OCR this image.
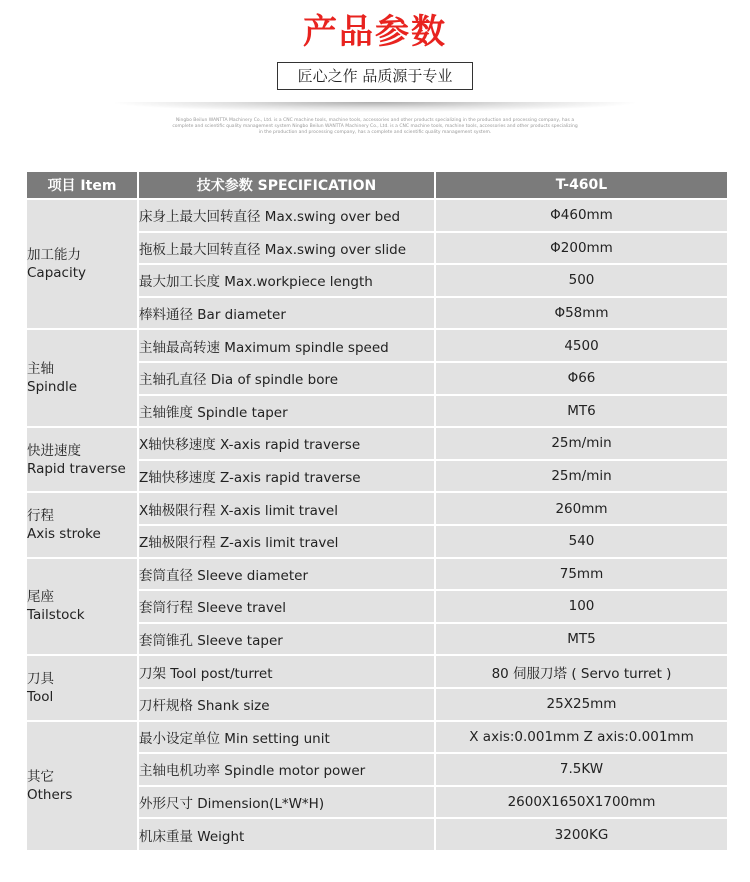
产品参数
匠心之作 品质源于专业
Ningbo Beilun WANTTA Machinery Co., Ltd. is a CNC machine tools, machine tools, accessories and other products specializing in the production and processing company, has a complete and scientific quality management system Ningbo Beilun WANTTA Machinery Co., Ltd. is a CNC machine tools, machine tools, accessories and other products specializing in the production and processing company, has a complete and scientific quality management system.
项目 Item	技术参数 SPECIFICATION	T-460L

加工能力
Capacity	床身上最大回转直径 Max.swing over bed	Φ460mm
	拖板上最大回转直径 Max.swing over slide	Φ200mm
	最大加工长度 Max.workpiece length	500
	棒料通径 Bar diameter	Φ58mm

主轴
Spindle	主轴最高转速 Maximum spindle speed	4500
	主轴孔直径 Dia of spindle bore	Φ66
	主轴锥度 Spindle taper	MT6

快进速度
Rapid traverse	X轴快移速度 X-axis rapid traverse	25m/min
	Z轴快移速度 Z-axis rapid traverse	25m/min

行程
Axis stroke	X轴极限行程 X-axis limit travel	260mm
	Z轴极限行程 Z-axis limit travel	540

尾座
Tailstock	套筒直径 Sleeve diameter	75mm
	套筒行程 Sleeve travel	100
	套筒锥孔 Sleeve taper	MT5

刀具
Tool	刀架 Tool post/turret	80 伺服刀塔 ( Servo turret )
	刀杆规格 Shank size	25X25mm

其它
Others	最小设定单位 Min setting unit	X axis:0.001mm Z axis:0.001mm
	主轴电机功率 Spindle motor power	7.5KW
	外形尺寸 Dimension(L*W*H)	2600X1650X1700mm
	机床重量 Weight	3200KG
